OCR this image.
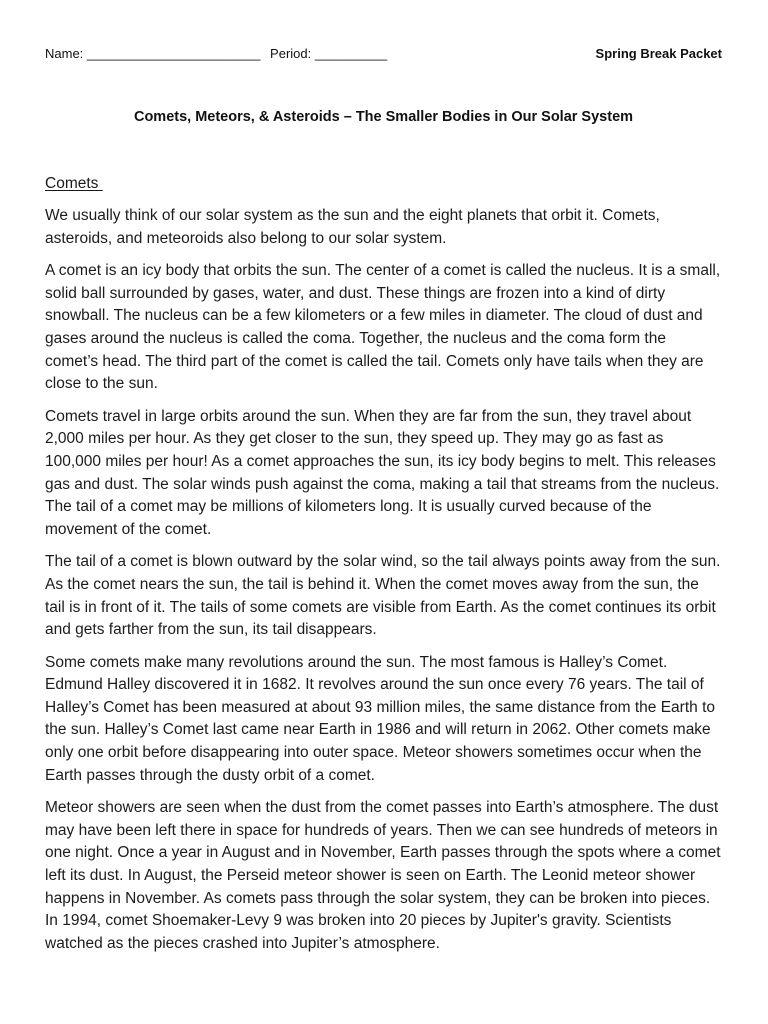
Name: ________________________ Period: __________	Spring Break Packet
Comets, Meteors, & Asteroids – The Smaller Bodies in Our Solar System
Comets

We usually think of our solar system as the sun and the eight planets that orbit it. Comets, asteroids, and meteoroids also belong to our solar system.

A comet is an icy body that orbits the sun. The center of a comet is called the nucleus. It is a small, solid ball surrounded by gases, water, and dust. These things are frozen into a kind of dirty snowball. The nucleus can be a few kilometers or a few miles in diameter. The cloud of dust and gases around the nucleus is called the coma. Together, the nucleus and the coma form the comet’s head. The third part of the comet is called the tail. Comets only have tails when they are close to the sun.

Comets travel in large orbits around the sun. When they are far from the sun, they travel about 2,000 miles per hour. As they get closer to the sun, they speed up. They may go as fast as 100,000 miles per hour! As a comet approaches the sun, its icy body begins to melt. This releases gas and dust. The solar winds push against the coma, making a tail that streams from the nucleus. The tail of a comet may be millions of kilometers long. It is usually curved because of the movement of the comet.

The tail of a comet is blown outward by the solar wind, so the tail always points away from the sun. As the comet nears the sun, the tail is behind it. When the comet moves away from the sun, the tail is in front of it. The tails of some comets are visible from Earth. As the comet continues its orbit and gets farther from the sun, its tail disappears.

Some comets make many revolutions around the sun. The most famous is Halley’s Comet. Edmund Halley discovered it in 1682. It revolves around the sun once every 76 years. The tail of Halley’s Comet has been measured at about 93 million miles, the same distance from the Earth to the sun. Halley’s Comet last came near Earth in 1986 and will return in 2062. Other comets make only one orbit before disappearing into outer space. Meteor showers sometimes occur when the Earth passes through the dusty orbit of a comet.

Meteor showers are seen when the dust from the comet passes into Earth’s atmosphere. The dust may have been left there in space for hundreds of years. Then we can see hundreds of meteors in one night. Once a year in August and in November, Earth passes through the spots where a comet left its dust. In August, the Perseid meteor shower is seen on Earth. The Leonid meteor shower happens in November. As comets pass through the solar system, they can be broken into pieces. In 1994, comet Shoemaker-Levy 9 was broken into 20 pieces by Jupiter's gravity. Scientists watched as the pieces crashed into Jupiter’s atmosphere.
